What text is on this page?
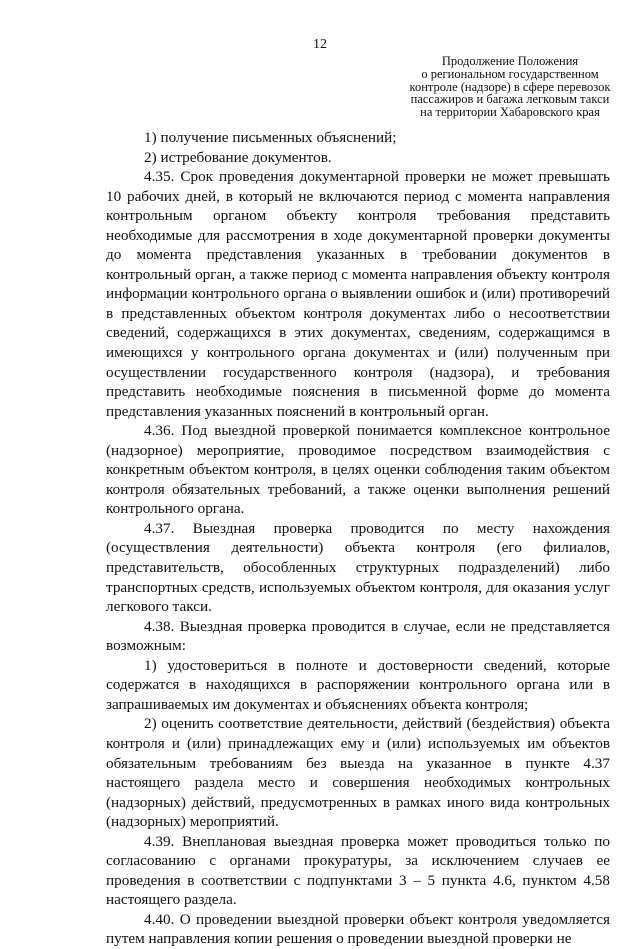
12
Продолжение Положения
о региональном государственном
контроле (надзоре) в сфере перевозок
пассажиров и багажа легковым такси
на территории Хабаровского края

1) получение письменных объяснений;

2) истребование документов.

4.35. Срок проведения документарной проверки не может превышать 10 рабочих дней, в который не включаются период с момента направления контрольным органом объекту контроля требования представить необходимые для рассмотрения в ходе документарной проверки документы до момента представления указанных в требовании документов в контрольный орган, а также период с момента направления объекту контроля информации контрольного органа о выявлении ошибок и (или) противоречий в представленных объектом контроля документах либо о несоответствии сведений, содержащихся в этих документах, сведениям, содержащимся в имеющихся у контрольного органа документах и (или) полученным при осуществлении государственного контроля (надзора), и требования представить необходимые пояснения в письменной форме до момента представления указанных пояснений в контрольный орган.

4.36. Под выездной проверкой понимается комплексное контрольное (надзорное) мероприятие, проводимое посредством взаимодействия с конкретным объектом контроля, в целях оценки соблюдения таким объектом контроля обязательных требований, а также оценки выполнения решений контрольного органа.

4.37. Выездная проверка проводится по месту нахождения (осуществления деятельности) объекта контроля (его филиалов, представительств, обособленных структурных подразделений) либо транспортных средств, используемых объектом контроля, для оказания услуг легкового такси.

4.38. Выездная проверка проводится в случае, если не представляется возможным:

1) удостовериться в полноте и достоверности сведений, которые содержатся в находящихся в распоряжении контрольного органа или в запрашиваемых им документах и объяснениях объекта контроля;

2) оценить соответствие деятельности, действий (бездействия) объекта контроля и (или) принадлежащих ему и (или) используемых им объектов обязательным требованиям без выезда на указанное в пункте 4.37 настоящего раздела место и совершения необходимых контрольных (надзорных) действий, предусмотренных в рамках иного вида контрольных (надзорных) мероприятий.

4.39. Внеплановая выездная проверка может проводиться только по согласованию с органами прокуратуры, за исключением случаев ее проведения в соответствии с подпунктами 3 – 5 пункта 4.6, пунктом 4.58 настоящего раздела.

4.40. О проведении выездной проверки объект контроля уведомляется путем направления копии решения о проведении выездной проверки не
